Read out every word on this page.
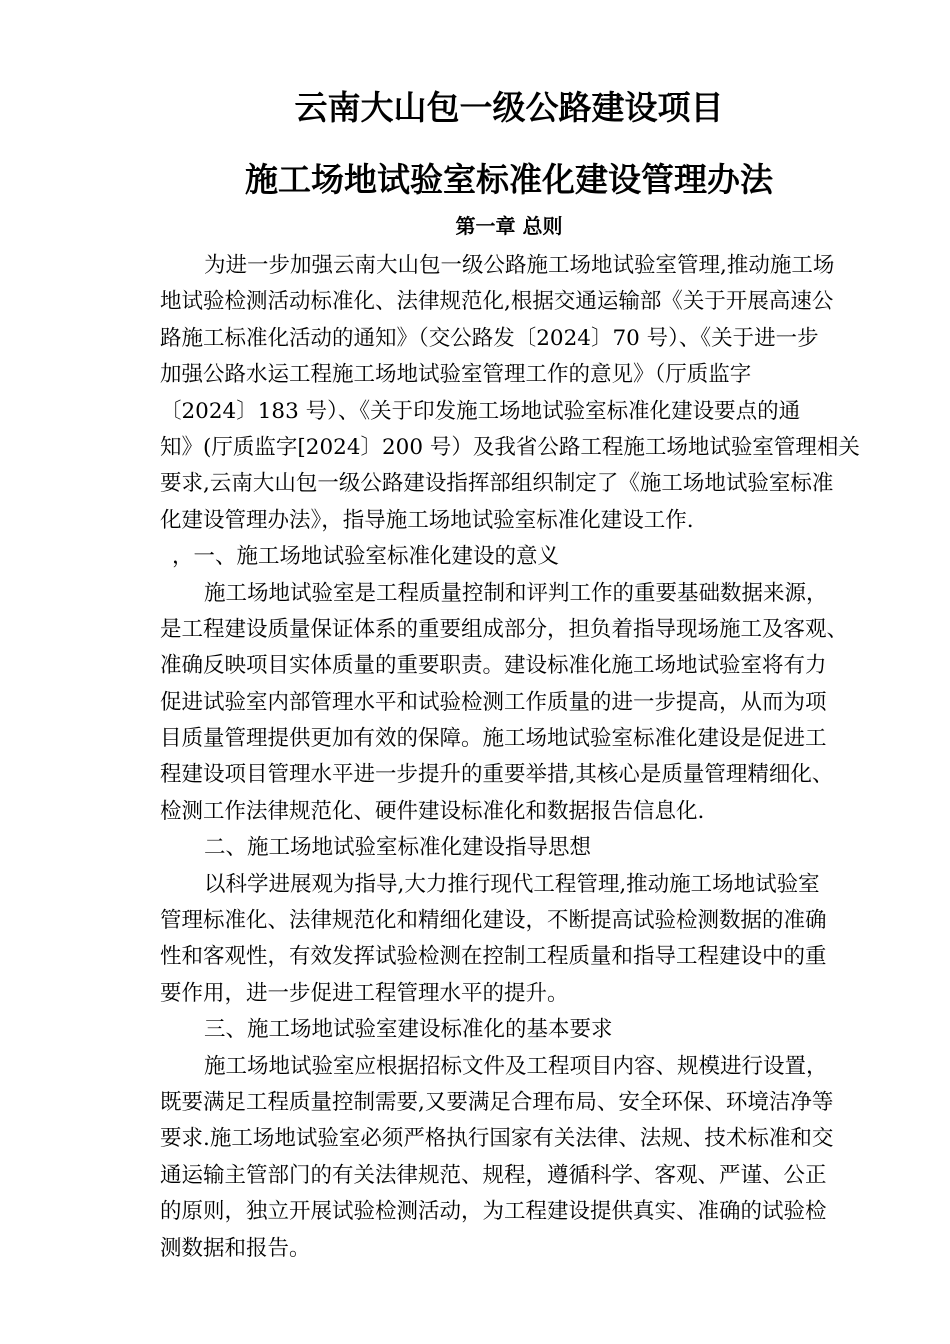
云南大山包一级公路建设项目
施工场地试验室标准化建设管理办法
第一章 总则
为进一步加强云南大山包一级公路施工场地试验室管理,推动施工场
地试验检测活动标准化、法律规范化,根据交通运输部《关于开展高速公
路施工标准化活动的通知》（交公路发〔2024〕70 号）、《关于进一步
加强公路水运工程施工场地试验室管理工作的意见》（厅质监字
〔2024〕183 号）、《关于印发施工场地试验室标准化建设要点的通
知》(厅质监字[2024〕200 号）及我省公路工程施工场地试验室管理相关
要求,云南大山包一级公路建设指挥部组织制定了《施工场地试验室标准
化建设管理办法》，指导施工场地试验室标准化建设工作.
，一、施工场地试验室标准化建设的意义
施工场地试验室是工程质量控制和评判工作的重要基础数据来源，
是工程建设质量保证体系的重要组成部分，担负着指导现场施工及客观、
准确反映项目实体质量的重要职责。建设标准化施工场地试验室将有力
促进试验室内部管理水平和试验检测工作质量的进一步提高，从而为项
目质量管理提供更加有效的保障。施工场地试验室标准化建设是促进工
程建设项目管理水平进一步提升的重要举措,其核心是质量管理精细化、
检测工作法律规范化、硬件建设标准化和数据报告信息化.
二、施工场地试验室标准化建设指导思想
以科学进展观为指导,大力推行现代工程管理,推动施工场地试验室
管理标准化、法律规范化和精细化建设，不断提高试验检测数据的准确
性和客观性，有效发挥试验检测在控制工程质量和指导工程建设中的重
要作用，进一步促进工程管理水平的提升。
三、施工场地试验室建设标准化的基本要求
施工场地试验室应根据招标文件及工程项目内容、规模进行设置，
既要满足工程质量控制需要,又要满足合理布局、安全环保、环境洁净等
要求.施工场地试验室必须严格执行国家有关法律、法规、技术标准和交
通运输主管部门的有关法律规范、规程，遵循科学、客观、严谨、公正
的原则，独立开展试验检测活动，为工程建设提供真实、准确的试验检
测数据和报告。
